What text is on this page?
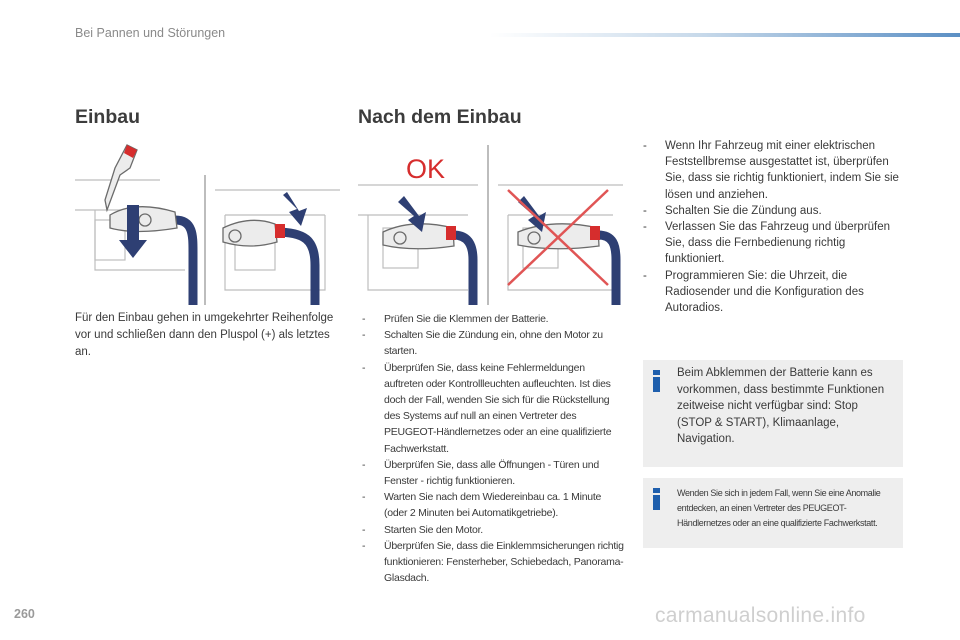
Bei Pannen und Störungen
Einbau	Nach dem Einbau
OK
Für den Einbau gehen in umgekehrter Reihenfolge vor und schließen dann den Pluspol (+) als letztes an.
- Prüfen Sie die Klemmen der Batterie.
- Schalten Sie die Zündung ein, ohne den Motor zu starten.
- Überprüfen Sie, dass keine Fehlermeldungen auftreten oder Kontrollleuchten aufleuchten. Ist dies doch der Fall, wenden Sie sich für die Rückstellung des Systems auf null an einen Vertreter des PEUGEOT-Händlernetzes oder an eine qualifizierte Fachwerkstatt.
- Überprüfen Sie, dass alle Öffnungen - Türen und Fenster - richtig funktionieren.
- Warten Sie nach dem Wiedereinbau ca. 1 Minute (oder 2 Minuten bei Automatikgetriebe).
- Starten Sie den Motor.
- Überprüfen Sie, dass die Einklemmsicherungen richtig funktionieren: Fensterheber, Schiebedach, Panorama-Glasdach.
- Wenn Ihr Fahrzeug mit einer elektrischen Feststellbremse ausgestattet ist, überprüfen Sie, dass sie richtig funktioniert, indem Sie sie lösen und anziehen.
- Schalten Sie die Zündung aus.
- Verlassen Sie das Fahrzeug und überprüfen Sie, dass die Fernbedienung richtig funktioniert.
- Programmieren Sie: die Uhrzeit, die Radiosender und die Konfiguration des Autoradios.
Beim Abklemmen der Batterie kann es vorkommen, dass bestimmte Funktionen zeitweise nicht verfügbar sind: Stop (STOP & START), Klimaanlage, Navigation.
Wenden Sie sich in jedem Fall, wenn Sie eine Anomalie entdecken, an einen Vertreter des PEUGEOT-Händlernetzes oder an eine qualifizierte Fachwerkstatt.
260	carmanualsonline.info
